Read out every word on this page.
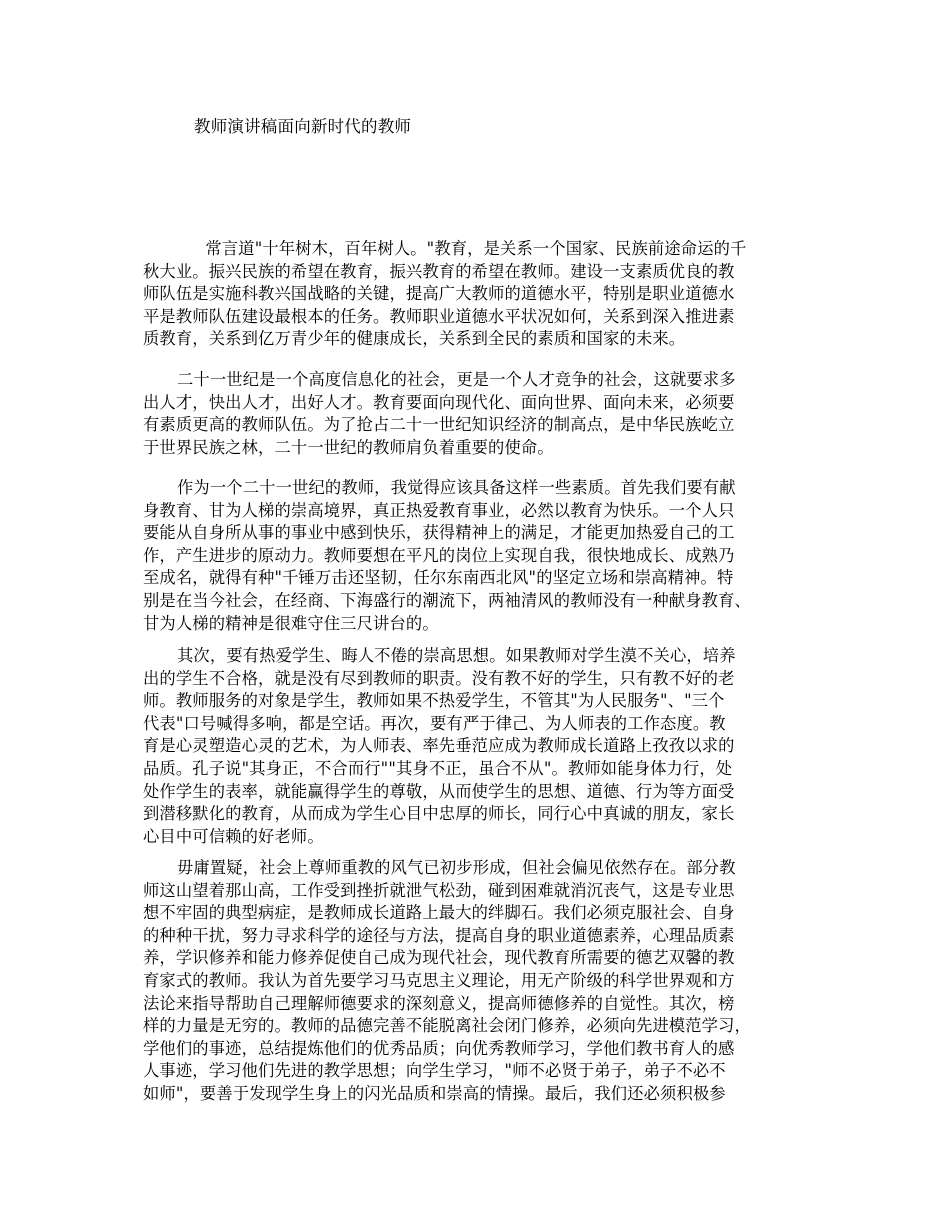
教师演讲稿面向新时代的教师
　常言道"十年树木，百年树人。"教育，是关系一个国家、民族前途命运的千
秋大业。振兴民族的希望在教育，振兴教育的希望在教师。建设一支素质优良的教
师队伍是实施科教兴国战略的关键，提高广大教师的道德水平，特别是职业道德水
平是教师队伍建设最根本的任务。教师职业道德水平状况如何，关系到深入推进素
质教育，关系到亿万青少年的健康成长，关系到全民的素质和国家的未来。
二十一世纪是一个高度信息化的社会，更是一个人才竞争的社会，这就要求多
出人才，快出人才，出好人才。教育要面向现代化、面向世界、面向未来，必须要
有素质更高的教师队伍。为了抢占二十一世纪知识经济的制高点，是中华民族屹立
于世界民族之林，二十一世纪的教师肩负着重要的使命。
作为一个二十一世纪的教师，我觉得应该具备这样一些素质。首先我们要有献
身教育、甘为人梯的崇高境界，真正热爱教育事业，必然以教育为快乐。一个人只
要能从自身所从事的事业中感到快乐，获得精神上的满足，才能更加热爱自己的工
作，产生进步的原动力。教师要想在平凡的岗位上实现自我，很快地成长、成熟乃
至成名，就得有种"千锤万击还坚韧，任尔东南西北风"的坚定立场和崇高精神。特
别是在当今社会，在经商、下海盛行的潮流下，两袖清风的教师没有一种献身教育、
甘为人梯的精神是很难守住三尺讲台的。
其次，要有热爱学生、晦人不倦的崇高思想。如果教师对学生漠不关心，培养
出的学生不合格，就是没有尽到教师的职责。没有教不好的学生，只有教不好的老
师。教师服务的对象是学生，教师如果不热爱学生，不管其"为人民服务"、"三个
代表"口号喊得多响，都是空话。再次，要有严于律己、为人师表的工作态度。教
育是心灵塑造心灵的艺术，为人师表、率先垂范应成为教师成长道路上孜孜以求的
品质。孔子说"其身正，不合而行""其身不正，虽合不从"。教师如能身体力行，处
处作学生的表率，就能赢得学生的尊敬，从而使学生的思想、道德、行为等方面受
到潜移默化的教育，从而成为学生心目中忠厚的师长，同行心中真诚的朋友，家长
心目中可信赖的好老师。
毋庸置疑，社会上尊师重教的风气已初步形成，但社会偏见依然存在。部分教
师这山望着那山高，工作受到挫折就泄气松劲，碰到困难就消沉丧气，这是专业思
想不牢固的典型病症，是教师成长道路上最大的绊脚石。我们必须克服社会、自身
的种种干扰，努力寻求科学的途径与方法，提高自身的职业道德素养，心理品质素
养，学识修养和能力修养促使自己成为现代社会，现代教育所需要的德艺双馨的教
育家式的教师。我认为首先要学习马克思主义理论，用无产阶级的科学世界观和方
法论来指导帮助自己理解师德要求的深刻意义，提高师德修养的自觉性。其次，榜
样的力量是无穷的。教师的品德完善不能脱离社会闭门修养，必须向先进模范学习，
学他们的事迹，总结提炼他们的优秀品质；向优秀教师学习，学他们教书育人的感
人事迹，学习他们先进的教学思想；向学生学习，"师不必贤于弟子，弟子不必不
如师"，要善于发现学生身上的闪光品质和崇高的情操。最后，我们还必须积极参
